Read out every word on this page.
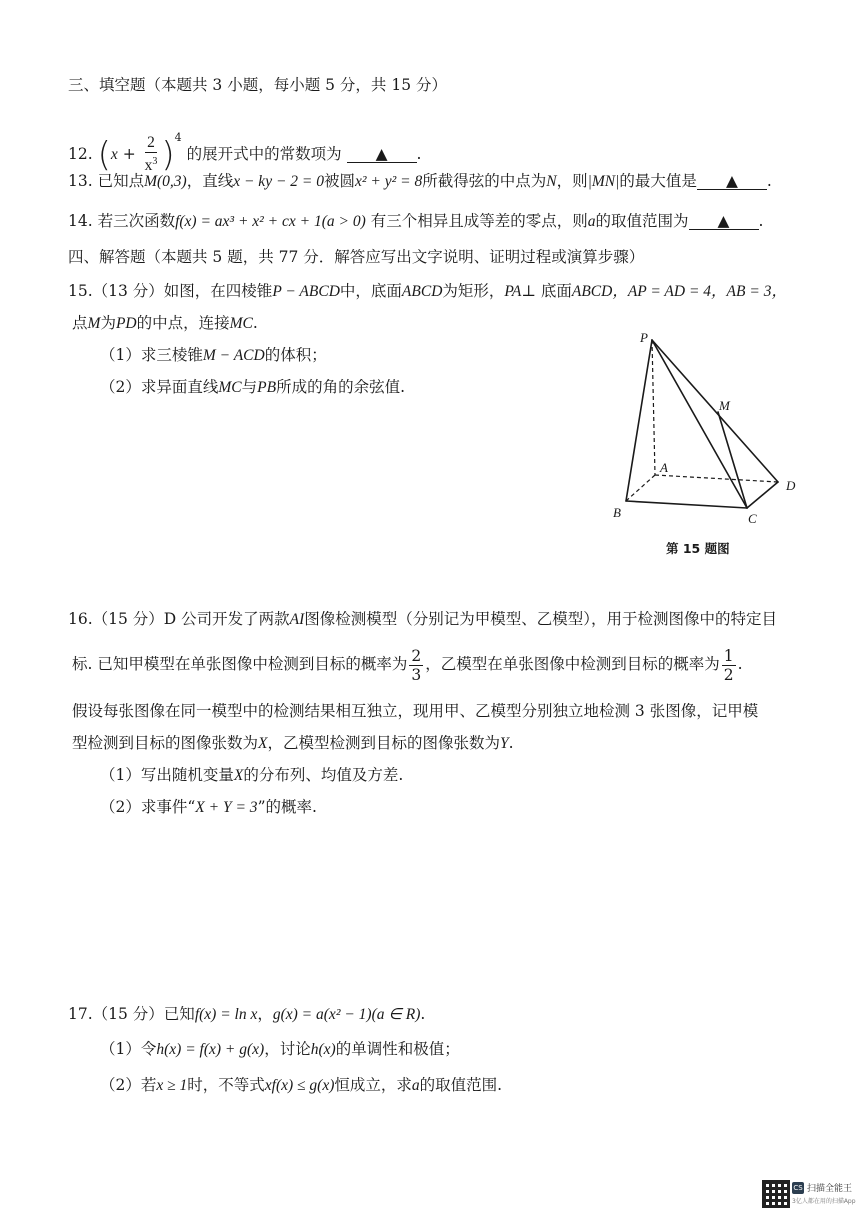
三、填空题（本题共 3 小题，每小题 5 分，共 15 分）
12. $(x + \frac{2}{x^3} )^4$ 的展开式中的常数项为 ▲ .
13. 已知点M(0,3)，直线x − ky − 2 = 0被圆x² + y² = 8所截得弦的中点为N，则|MN|的最大值是 ▲ .
14. 若三次函数f(x) = ax³ + x² + cx + 1(a > 0) 有三个相异且成等差的零点，则a的取值范围为 ▲ .
四、解答题（本题共 5 题，共 77 分．解答应写出文字说明、证明过程或演算步骤）
15.（13 分）如图，在四棱锥P − ABCD中，底面ABCD为矩形，PA⊥ 底面ABCD，AP = AD = 4，AB = 3，
点M为PD的中点，连接MC.
（1）求三棱锥M − ACD的体积；
（2）求异面直线MC与PB所成的角的余弦值.
P
M
A
D
B	C
第 15 题图
16.（15 分）D 公司开发了两款AI图像检测模型（分别记为甲模型、乙模型），用于检测图像中的特定目
标. 已知甲模型在单张图像中检测到目标的概率为 $\frac{2}{3}$ ，乙模型在单张图像中检测到目标的概率为 $\frac{1}{2}$ .
假设每张图像在同一模型中的检测结果相互独立，现用甲、乙模型分别独立地检测 3 张图像，记甲模
型检测到目标的图像张数为X，乙模型检测到目标的图像张数为Y.
（1）写出随机变量X的分布列、均值及方差.
（2）求事件“X + Y = 3”的概率.
17.（15 分）已知f(x) = ln x，g(x) = a(x² − 1)(a ∈ R).
（1）令h(x) = f(x) + g(x)，讨论h(x)的单调性和极值；
（2）若x ≥ 1时，不等式xf(x) ≤ g(x)恒成立，求a的取值范围.
CS 扫描全能王
3亿人都在用的扫描App
